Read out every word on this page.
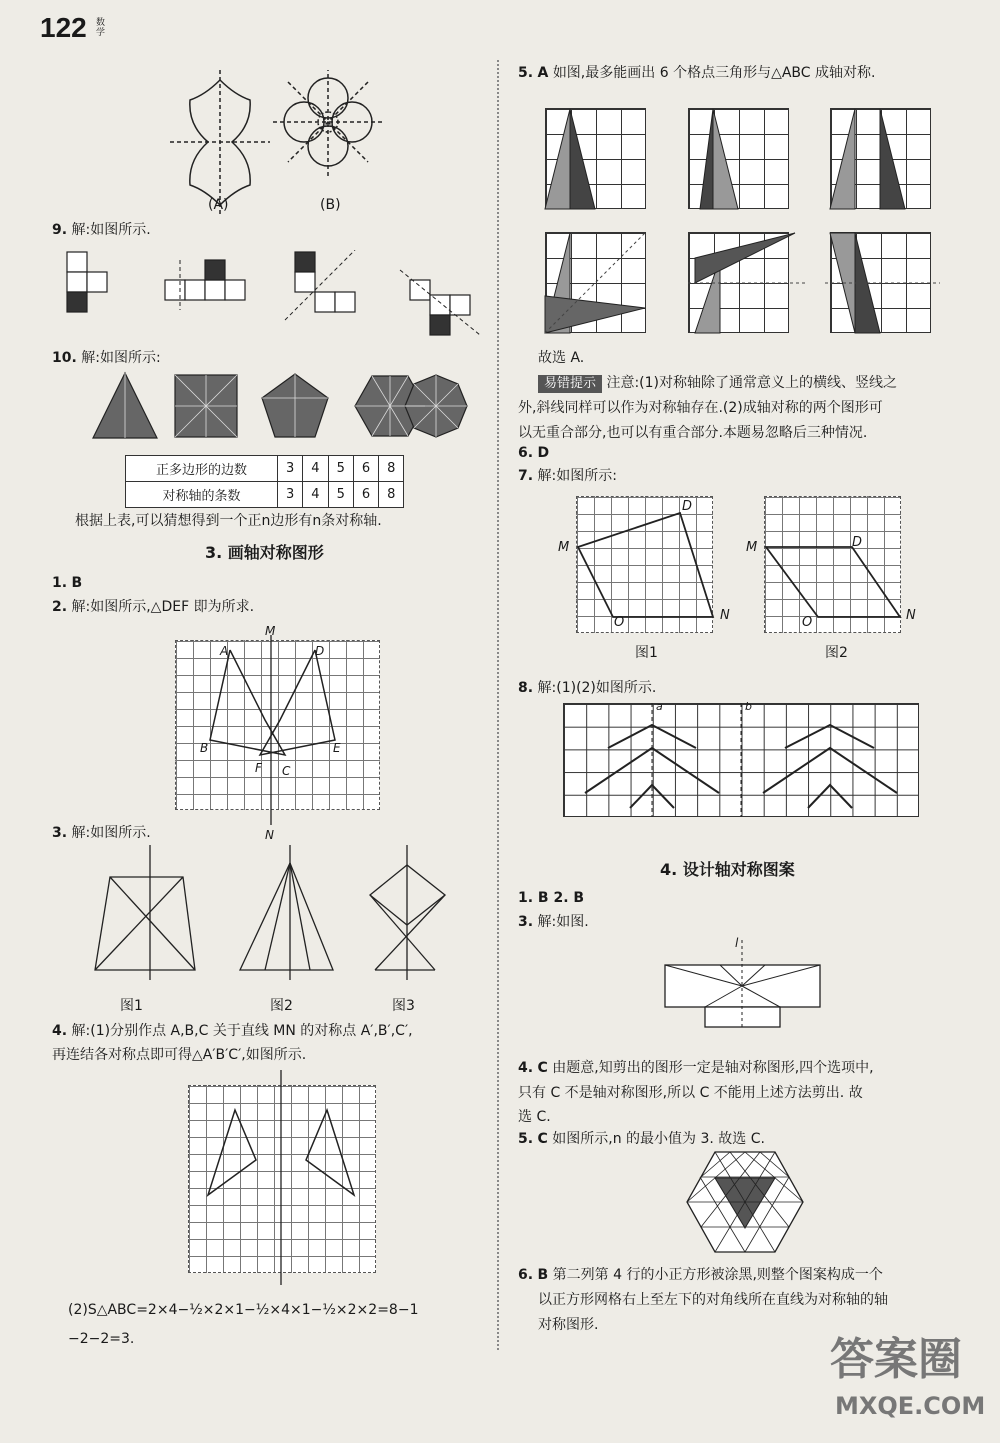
122 数学
(A)	(B)
9. 解:如图所示.
10. 解:如图所示:
正多边形的边数	3	4	5	6	8
对称轴的条数	3	4	5	6	8
根据上表,可以猜想得到一个正n边形有n条对称轴.
3. 画轴对称图形
1. B
2. 解:如图所示,△DEF 即为所求.
M
N
A	D
B	E
F C
3. 解:如图所示.
图1	图2	图3
4. 解:(1)分别作点 A,B,C 关于直线 MN 的对称点 A′,B′,C′,
再连结各对称点即可得△A′B′C′,如图所示.
(2)S△ABC=2×4−½×2×1−½×4×1−½×2×2=8−1
−2−2=3.
5. A 如图,最多能画出 6 个格点三角形与△ABC 成轴对称.
故选 A.
易错提示 注意:(1)对称轴除了通常意义上的横线、竖线之
外,斜线同样可以作为对称轴存在.(2)成轴对称的两个图形可
以无重合部分,也可以有重合部分.本题易忽略后三种情况.
6. D
7. 解:如图所示:
M
D
O	N
M	D
O	N
图1	图2
8. 解:(1)(2)如图所示.
a	b
4. 设计轴对称图案
1. B 2. B
3. 解:如图.
l
4. C 由题意,知剪出的图形一定是轴对称图形,四个选项中,
只有 C 不是轴对称图形,所以 C 不能用上述方法剪出. 故
选 C.
5. C 如图所示,n 的最小值为 3. 故选 C.
6. B 第二列第 4 行的小正方形被涂黑,则整个图案构成一个
以正方形网格右上至左下的对角线所在直线为对称轴的轴
对称图形.
答案圈
MXQE.COM
